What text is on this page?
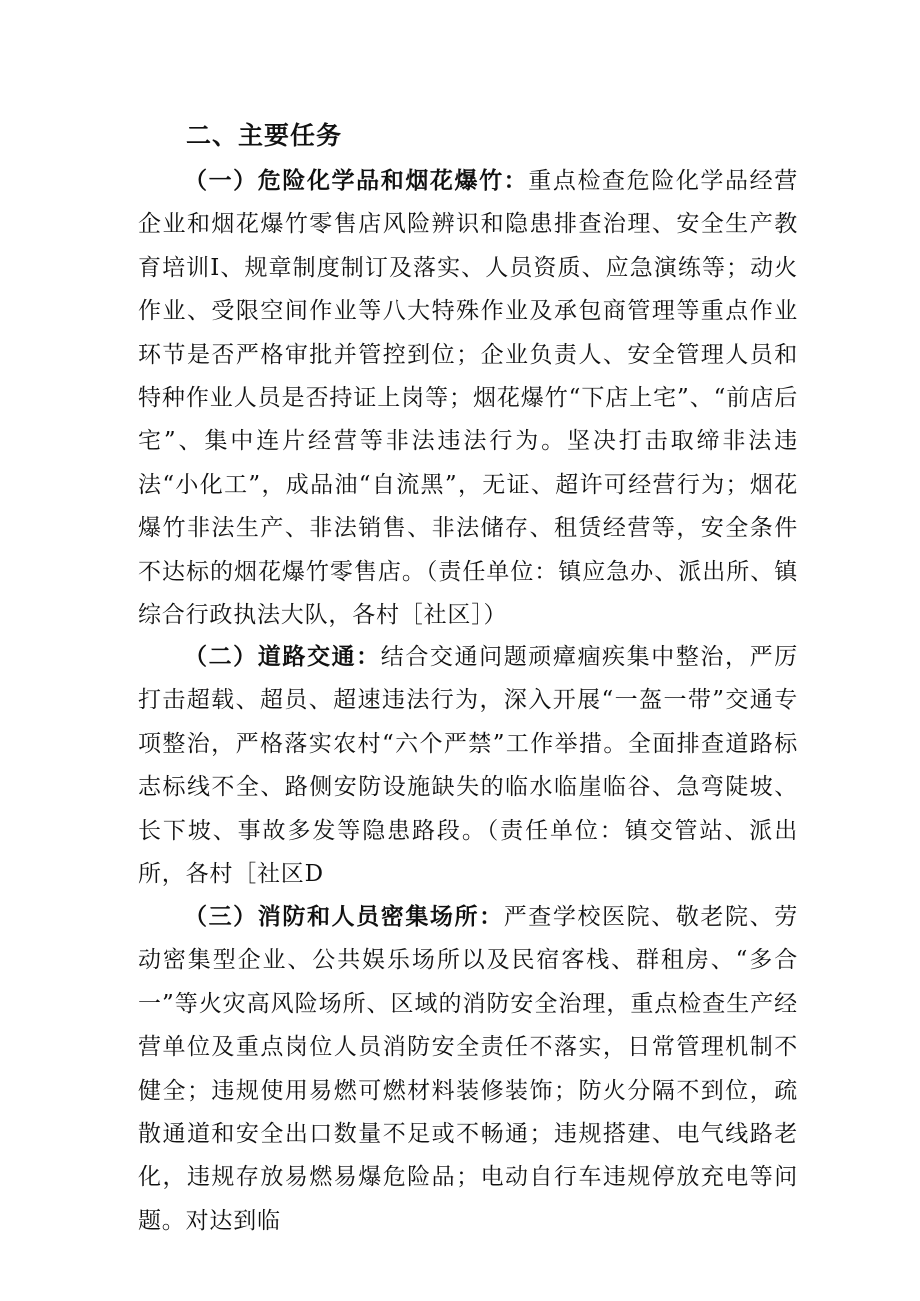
二、主要任务

（一）危险化学品和烟花爆竹：重点检查危险化学品经营企业和烟花爆竹零售店风险辨识和隐患排查治理、安全生产教育培训I、规章制度制订及落实、人员资质、应急演练等；动火作业、受限空间作业等八大特殊作业及承包商管理等重点作业环节是否严格审批并管控到位；企业负责人、安全管理人员和特种作业人员是否持证上岗等；烟花爆竹“下店上宅”、“前店后宅”、集中连片经营等非法违法行为。坚决打击取缔非法违法“小化工”，成品油“自流黑”，无证、超许可经营行为；烟花爆竹非法生产、非法销售、非法储存、租赁经营等，安全条件不达标的烟花爆竹零售店。（责任单位：镇应急办、派出所、镇综合行政执法大队，各村［社区］）

（二）道路交通：结合交通问题顽瘴痼疾集中整治，严厉打击超载、超员、超速违法行为，深入开展“一盔一带”交通专项整治，严格落实农村“六个严禁”工作举措。全面排查道路标志标线不全、路侧安防设施缺失的临水临崖临谷、急弯陡坡、长下坡、事故多发等隐患路段。（责任单位：镇交管站、派出所，各村［社区D

（三）消防和人员密集场所：严查学校医院、敬老院、劳动密集型企业、公共娱乐场所以及民宿客栈、群租房、“多合一”等火灾高风险场所、区域的消防安全治理，重点检查生产经营单位及重点岗位人员消防安全责任不落实，日常管理机制不健全；违规使用易燃可燃材料装修装饰；防火分隔不到位，疏散通道和安全出口数量不足或不畅通；违规搭建、电气线路老化，违规存放易燃易爆危险品；电动自行车违规停放充电等问题。对达到临
